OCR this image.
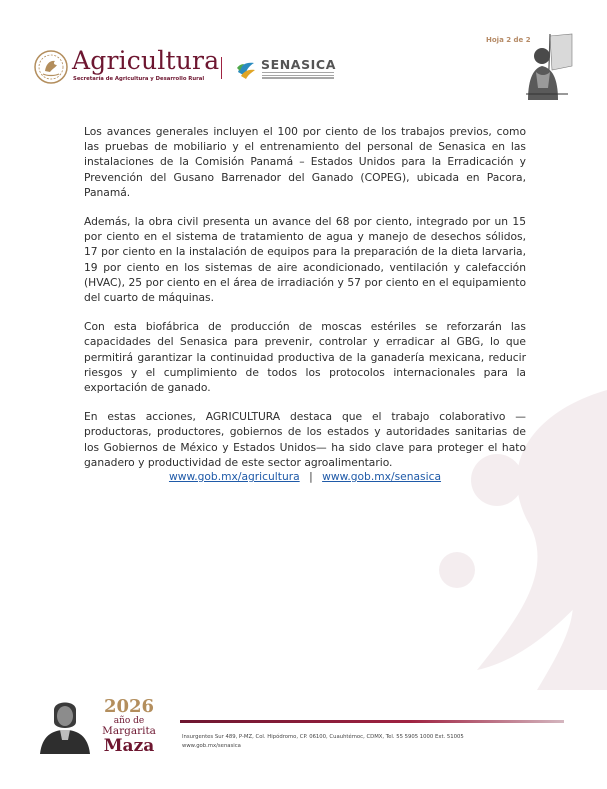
Agricultura
Secretaría de Agricultura y Desarrollo Rural
SENASICA
Hoja 2 de 2

Los avances generales incluyen el 100 por ciento de los trabajos previos, como las pruebas de mobiliario y el entrenamiento del personal de Senasica en las instalaciones de la Comisión Panamá – Estados Unidos para la Erradicación y Prevención del Gusano Barrenador del Ganado (COPEG), ubicada en Pacora, Panamá.

Además, la obra civil presenta un avance del 68 por ciento, integrado por un 15 por ciento en el sistema de tratamiento de agua y manejo de desechos sólidos, 17 por ciento en la instalación de equipos para la preparación de la dieta larvaria, 19 por ciento en los sistemas de aire acondicionado, ventilación y calefacción (HVAC), 25 por ciento en el área de irradiación y 57 por ciento en el equipamiento del cuarto de máquinas.

Con esta biofábrica de producción de moscas estériles se reforzarán las capacidades del Senasica para prevenir, controlar y erradicar al GBG, lo que permitirá garantizar la continuidad productiva de la ganadería mexicana, reducir riesgos y el cumplimiento de todos los protocolos internacionales para la exportación de ganado.

En estas acciones, AGRICULTURA destaca que el trabajo colaborativo —productoras, productores, gobiernos de los estados y autoridades sanitarias de los Gobiernos de México y Estados Unidos— ha sido clave para proteger el hato ganadero y productividad de este sector agroalimentario.

www.gob.mx/agricultura | www.gob.mx/senasica
2026
año de
Margarita
Maza	Insurgentes Sur 489, P-MZ, Col. Hipódromo, CP. 06100, Cuauhtémoc, CDMX, Tel. 55 5905 1000 Ext. 51005
www.gob.mx/senasica
